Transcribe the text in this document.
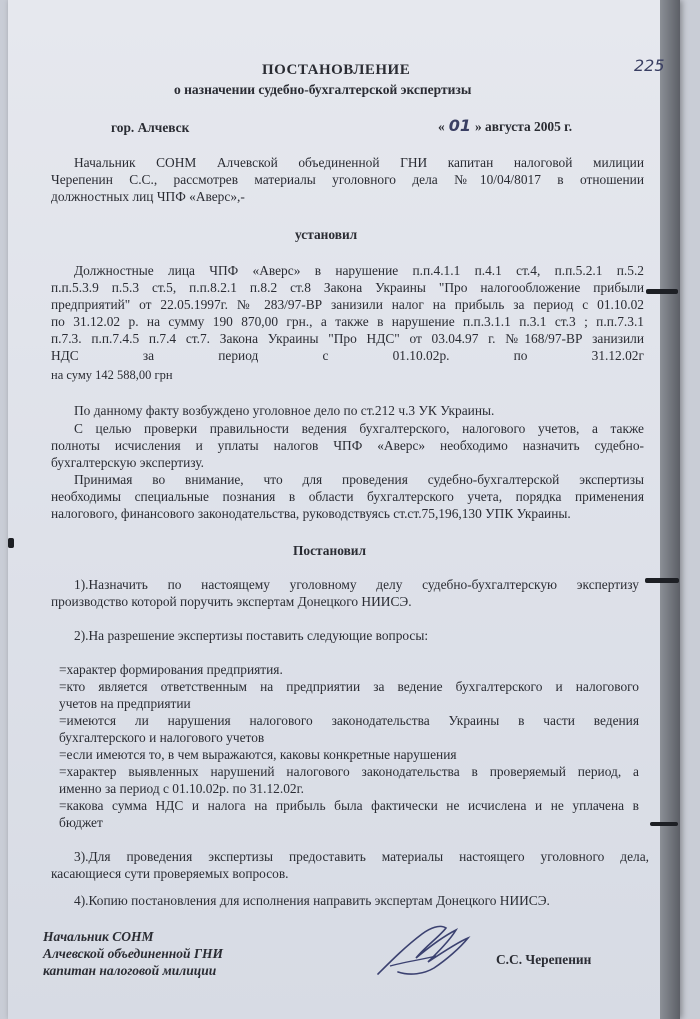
225
ПОСТАНОВЛЕНИЕ
о назначении судебно-бухгалтерской экспертизы
гор. Алчевск	« 01 » августа 2005 г.
Начальник СОНМ Алчевской объединенной ГНИ капитан налоговой милиции
Черепенин С.С., рассмотрев материалы уголовного дела №10/04/8017 в отношении
должностных лиц ЧПФ «Аверс»,-
установил
Должностные лица ЧПФ «Аверс» в нарушение п.п.4.1.1 п.4.1 ст.4, п.п.5.2.1 п.5.2
п.п.5.3.9 п.5.3 ст.5, п.п.8.2.1 п.8.2 ст.8 Закона Украины "Про налогообложение прибыли
предприятий" от 22.05.1997г. № 283/97-ВР занизили налог на прибыль за период с 01.10.02
по 31.12.02 р. на сумму 190 870,00 грн., а также в нарушение п.п.3.1.1 п.3.1 ст.3 ; п.п.7.3.1
п.7.3. п.п.7.4.5 п.7.4 ст.7. Закона Украины "Про НДС" от 03.04.97 г. №168/97-ВР занизили
НДС за период с 01.10.02р. по 31.12.02г
на суму 142 588,00 грн
По данному факту возбуждено уголовное дело по ст.212 ч.3 УК Украины.
С целью проверки правильности ведения бухгалтерского, налогового учетов, а также
полноты исчисления и уплаты налогов ЧПФ «Аверс» необходимо назначить судебно-
бухгалтерскую экспертизу.
Принимая во внимание, что для проведения судебно-бухгалтерской экспертизы
необходимы специальные познания в области бухгалтерского учета, порядка применения
налогового, финансового законодательства, руководствуясь ст.ст.75,196,130 УПК Украины.
Постановил
1).Назначить по настоящему уголовному делу судебно-бухгалтерскую экспертизу
производство которой поручить экспертам Донецкого НИИСЭ.
2).На разрешение экспертизы поставить следующие вопросы:
=характер формирования предприятия.
=кто является ответственным на предприятии за ведение бухгалтерского и налогового
учетов на предприятии
=имеются ли нарушения налогового законодательства Украины в части ведения
бухгалтерского и налогового учетов
=если имеются то, в чем выражаются, каковы конкретные нарушения
=характер выявленных нарушений налогового законодательства в проверяемый период, а
именно за период с 01.10.02р. по 31.12.02г.
=какова сумма НДС и налога на прибыль была фактически не исчислена и не уплачена в
бюджет
3).Для проведения экспертизы предоставить материалы настоящего уголовного дела,
касающиеся сути проверяемых вопросов.
4).Копию постановления для исполнения направить экспертам Донецкого НИИСЭ.
Начальник СОНМ
Алчевской объединенной ГНИ
капитан налоговой милиции
С.С. Черепенин
